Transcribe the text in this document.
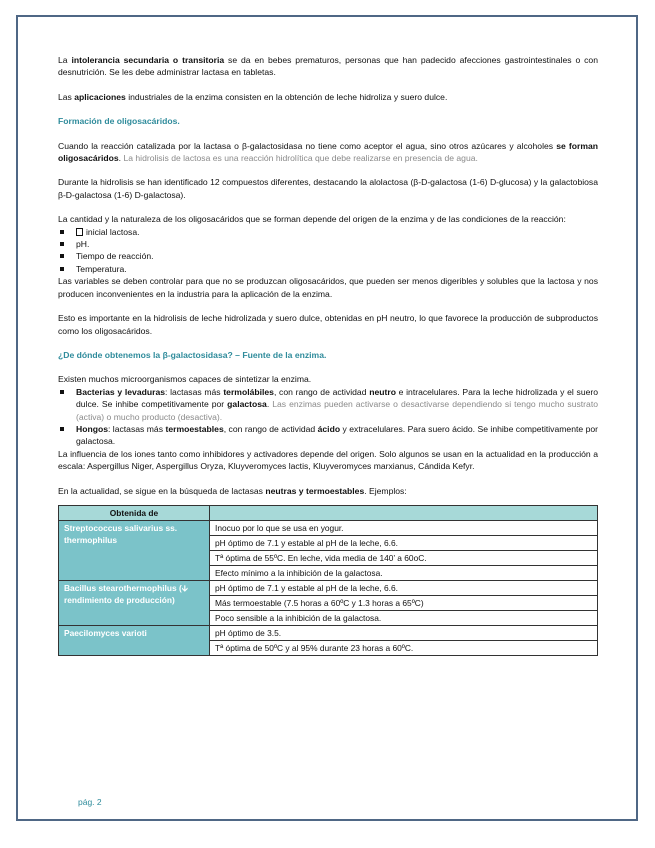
La intolerancia secundaria o transitoria se da en bebes prematuros, personas que han padecido afecciones gastrointestinales o con desnutrición. Se les debe administrar lactasa en tabletas.

Las aplicaciones industriales de la enzima consisten en la obtención de leche hidroliza y suero dulce.

Formación de oligosacáridos.

Cuando la reacción catalizada por la lactasa o β-galactosidasa no tiene como aceptor el agua, sino otros azúcares y alcoholes se forman oligosacáridos. La hidrolisis de lactosa es una reacción hidrolítica que debe realizarse en presencia de agua.

Durante la hidrolisis se han identificado 12 compuestos diferentes, destacando la alolactosa (β-D-galactosa (1-6) D-glucosa) y la galactobiosa β-D-galactosa (1-6) D-galactosa).

La cantidad y la naturaleza de los oligosacáridos que se forman depende del origen de la enzima y de las condiciones de la reacción:

inicial lactosa.
pH.
Tiempo de reacción.
Temperatura.

Las variables se deben controlar para que no se produzcan oligosacáridos, que pueden ser menos digeribles y solubles que la lactosa y nos producen inconvenientes en la industria para la aplicación de la enzima.

Esto es importante en la hidrolisis de leche hidrolizada y suero dulce, obtenidas en pH neutro, lo que favorece la producción de subproductos como los oligosacáridos.

¿De dónde obtenemos la β-galactosidasa? – Fuente de la enzima.

Existen muchos microorganismos capaces de sintetizar la enzima.

Bacterias y levaduras: lactasas más termolábiles, con rango de actividad neutro e intracelulares. Para la leche hidrolizada y el suero dulce. Se inhibe competitivamente por galactosa. Las enzimas pueden activarse o desactivarse dependiendo si tengo mucho sustrato (activa) o mucho producto (desactiva).
Hongos: lactasas más termoestables, con rango de actividad ácido y extracelulares. Para suero ácido. Se inhibe competitivamente por galactosa.

La influencia de los iones tanto como inhibidores y activadores depende del origen. Solo algunos se usan en la actualidad en la producción a escala: Aspergillus Niger, Aspergillus Oryza, Kluyveromyces lactis, Kluyveromyces marxianus, Cándida Kefyr.

En la actualidad, se sigue en la búsqueda de lactasas neutras y termoestables. Ejemplos:

Obtenida de	
Streptococcus salivarius ss. thermophilus	Inocuo por lo que se usa en yogur.
	pH óptimo de 7.1 y estable al pH de la leche, 6.6.
	Tª óptima de 55ºC. En leche, vida media de 140’ a 60oC.
	Efecto mínimo a la inhibición de la galactosa.
Bacillus stearothermophilus (🡫 rendimiento de producción)	pH óptimo de 7.1 y estable al pH de la leche, 6.6.
	Más termoestable (7.5 horas a 60ºC y 1.3 horas a 65ºC)
	Poco sensible a la inhibición de la galactosa.
Paecilomyces varioti	pH óptimo de 3.5.
	Tª óptima de 50ºC y al 95% durante 23 horas a 60ºC.
pág. 2
